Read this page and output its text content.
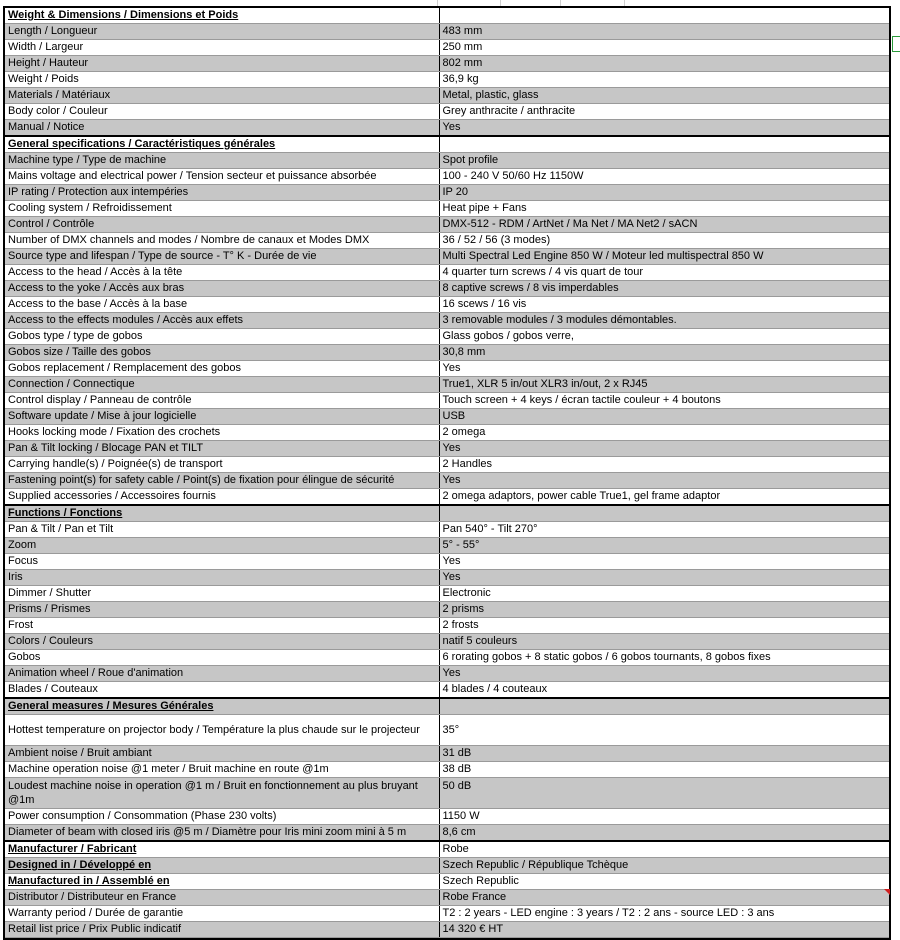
Weight & Dimensions / Dimensions et Poids	
Length / Longueur	483 mm
Width / Largeur	250 mm
Height / Hauteur	802 mm
Weight / Poids	36,9 kg
Materials / Matériaux	Metal, plastic, glass
Body color / Couleur	Grey anthracite / anthracite
Manual / Notice	Yes
General specifications / Caractéristiques générales	
Machine type / Type de machine	Spot profile
Mains voltage and electrical power / Tension secteur et puissance absorbée	100 - 240 V 50/60 Hz 1150W
IP rating / Protection aux intempéries	IP 20
Cooling system / Refroidissement	Heat pipe + Fans
Control / Contrôle	DMX-512 - RDM / ArtNet / Ma Net / MA Net2 / sACN
Number of DMX channels and modes / Nombre de canaux et Modes DMX	36 / 52 / 56 (3 modes)
Source type and lifespan / Type de source - T° K - Durée de vie	Multi Spectral Led Engine 850 W / Moteur led multispectral 850 W
Access to the head / Accès à la tête	4 quarter turn screws / 4 vis quart de tour
Access to the yoke / Accès aux bras	8 captive screws / 8 vis imperdables
Access to the base / Accès à la base	16 scews / 16 vis
Access to the effects modules / Accès aux effets	3 removable modules / 3 modules démontables.
Gobos type / type de gobos	Glass gobos / gobos verre,
Gobos size / Taille des gobos	30,8 mm
Gobos replacement / Remplacement des gobos	Yes
Connection / Connectique	True1, XLR 5 in/out XLR3 in/out, 2 x RJ45
Control display / Panneau de contrôle	Touch screen + 4 keys / écran tactile couleur + 4 boutons
Software update / Mise à jour logicielle	USB
Hooks locking mode / Fixation des crochets	2 omega
Pan & Tilt locking / Blocage PAN et TILT	Yes
Carrying handle(s) / Poignée(s) de transport	2 Handles
Fastening point(s) for safety cable / Point(s) de fixation pour élingue de sécurité	Yes
Supplied accessories / Accessoires fournis	2 omega adaptors, power cable True1, gel frame adaptor
Functions / Fonctions	
Pan & Tilt / Pan et Tilt	Pan 540° - Tilt 270°
Zoom	5° - 55°
Focus	Yes
Iris	Yes
Dimmer / Shutter	Electronic
Prisms / Prismes	2 prisms
Frost	2 frosts
Colors / Couleurs	natif 5 couleurs
Gobos	6 rorating gobos + 8 static gobos / 6 gobos tournants, 8 gobos fixes
Animation wheel / Roue d'animation	Yes
Blades / Couteaux	4 blades / 4 couteaux
General measures / Mesures Générales	
Hottest temperature on projector body / Température la plus chaude sur le projecteur	35°
Ambient noise / Bruit ambiant	31 dB
Machine operation noise @1 meter / Bruit machine en route @1m	38 dB
Loudest machine noise in operation @1 m / Bruit en fonctionnement au plus bruyant @1m	50 dB
Power consumption / Consommation (Phase 230 volts)	1150 W
Diameter of beam with closed iris @5 m / Diamètre pour Iris mini zoom mini à 5 m	8,6 cm
Manufacturer / Fabricant	Robe
Designed in / Développé en	Szech Republic / République Tchèque
Manufactured in / Assemblé en	Szech Republic
Distributor / Distributeur en France	Robe France
Warranty period / Durée de garantie	T2 : 2 years - LED engine : 3 years / T2 : 2 ans - source LED : 3 ans
Retail list price / Prix Public indicatif	14 320 € HT
